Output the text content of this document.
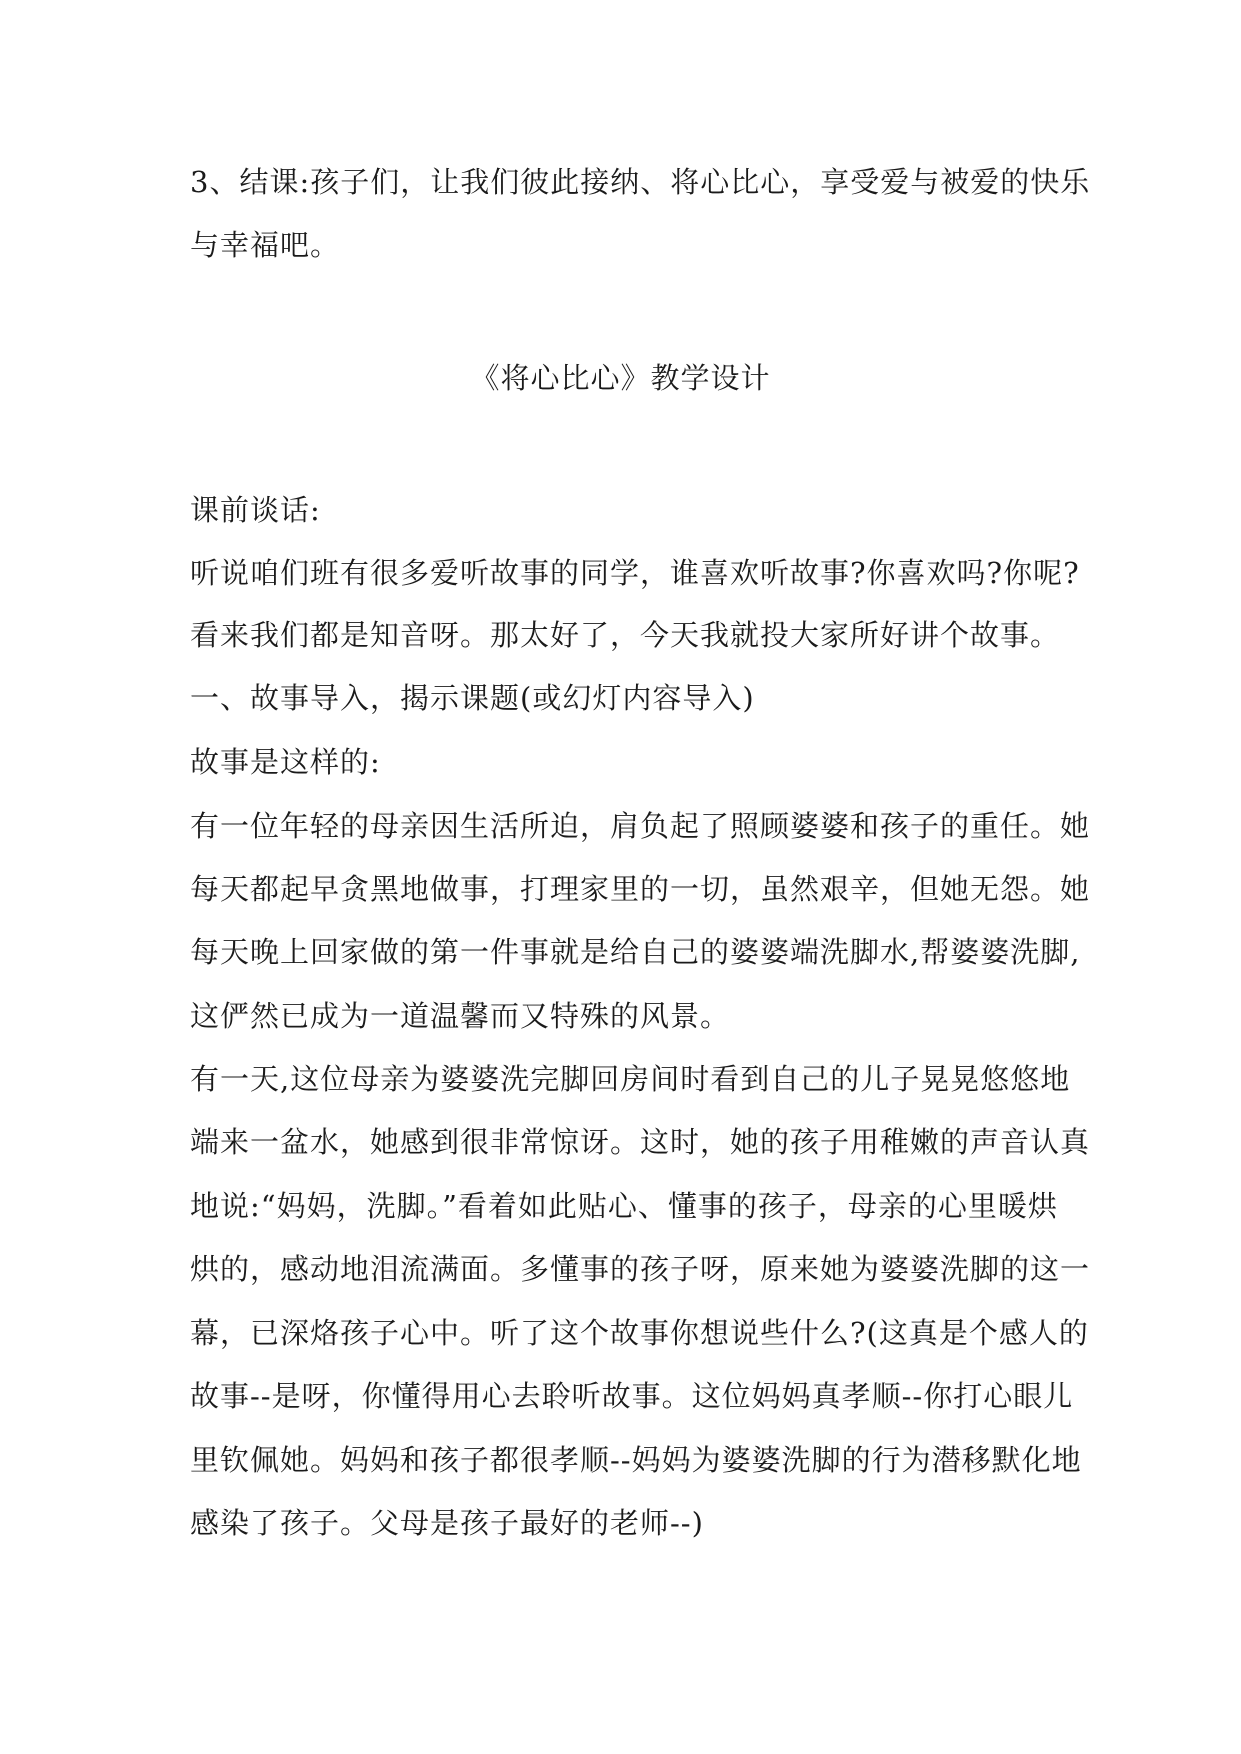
3、结课:孩子们，让我们彼此接纳、将心比心，享受爱与被爱的快乐
与幸福吧。
《将心比心》教学设计
课前谈话:
听说咱们班有很多爱听故事的同学，谁喜欢听故事?你喜欢吗?你呢?
看来我们都是知音呀。那太好了，今天我就投大家所好讲个故事。
一、故事导入，揭示课题(或幻灯内容导入)
故事是这样的:
有一位年轻的母亲因生活所迫，肩负起了照顾婆婆和孩子的重任。她
每天都起早贪黑地做事，打理家里的一切，虽然艰辛，但她无怨。她
每天晚上回家做的第一件事就是给自己的婆婆端洗脚水,帮婆婆洗脚,
这俨然已成为一道温馨而又特殊的风景。
有一天,这位母亲为婆婆洗完脚回房间时看到自己的儿子晃晃悠悠地
端来一盆水，她感到很非常惊讶。这时，她的孩子用稚嫩的声音认真
地说:“妈妈，洗脚。”看着如此贴心、懂事的孩子，母亲的心里暖烘
烘的，感动地泪流满面。多懂事的孩子呀，原来她为婆婆洗脚的这一
幕，已深烙孩子心中。听了这个故事你想说些什么?(这真是个感人的
故事--是呀，你懂得用心去聆听故事。这位妈妈真孝顺--你打心眼儿
里钦佩她。妈妈和孩子都很孝顺--妈妈为婆婆洗脚的行为潜移默化地
感染了孩子。父母是孩子最好的老师--)
